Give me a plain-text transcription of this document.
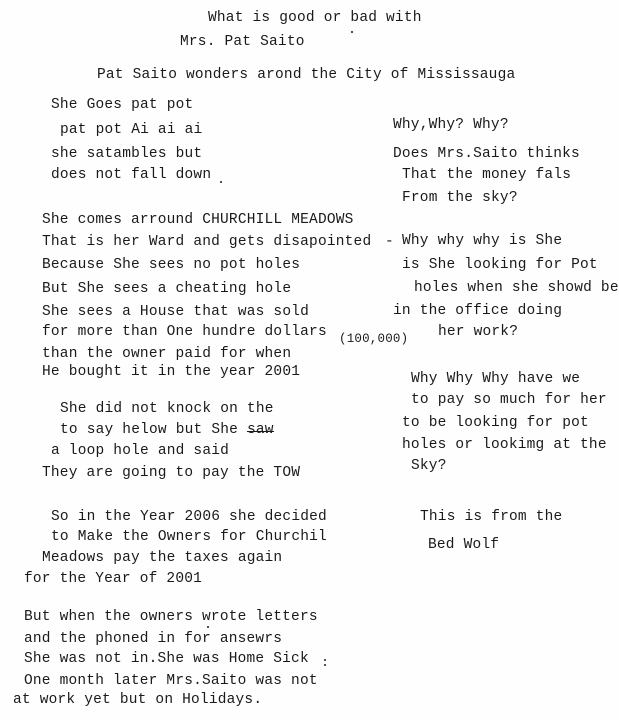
What is good or bad with
Mrs. Pat Saito
Pat Saito wonders arond the City of Mississauga
She Goes pat pot
pat pot Ai ai ai
she satambles but
does not fall down
Why,Why? Why?
Does Mrs.Saito thinks
That the money fals
From the sky?
She comes arround CHURCHILL MEADOWS
That is her Ward and gets disapointed -
Because She sees no pot holes
But She sees a cheating hole
She sees a House that was sold
for more than One hundre dollars (100,000)
than the owner paid for when
He bought it in the year 2001
Why why why is She
is She looking for Pot
holes when she showd be
in the office doing
her work?
She did not knock on the
to say helow but She saw
a loop hole and said
They are going to pay the TOW
Why Why Why have we
to pay so much for her
to be looking for pot
holes or lookimg at the
Sky?
So in the Year 2006 she decided
to Make the Owners for Churchil
Meadows pay the taxes again
for the Year of 2001
This is from the
Bed Wolf
But when the owners wrote letters
and the phoned in for ansewrs
She was not in.She was Home Sick
One month later Mrs.Saito was not
at work yet but on Holidays.
